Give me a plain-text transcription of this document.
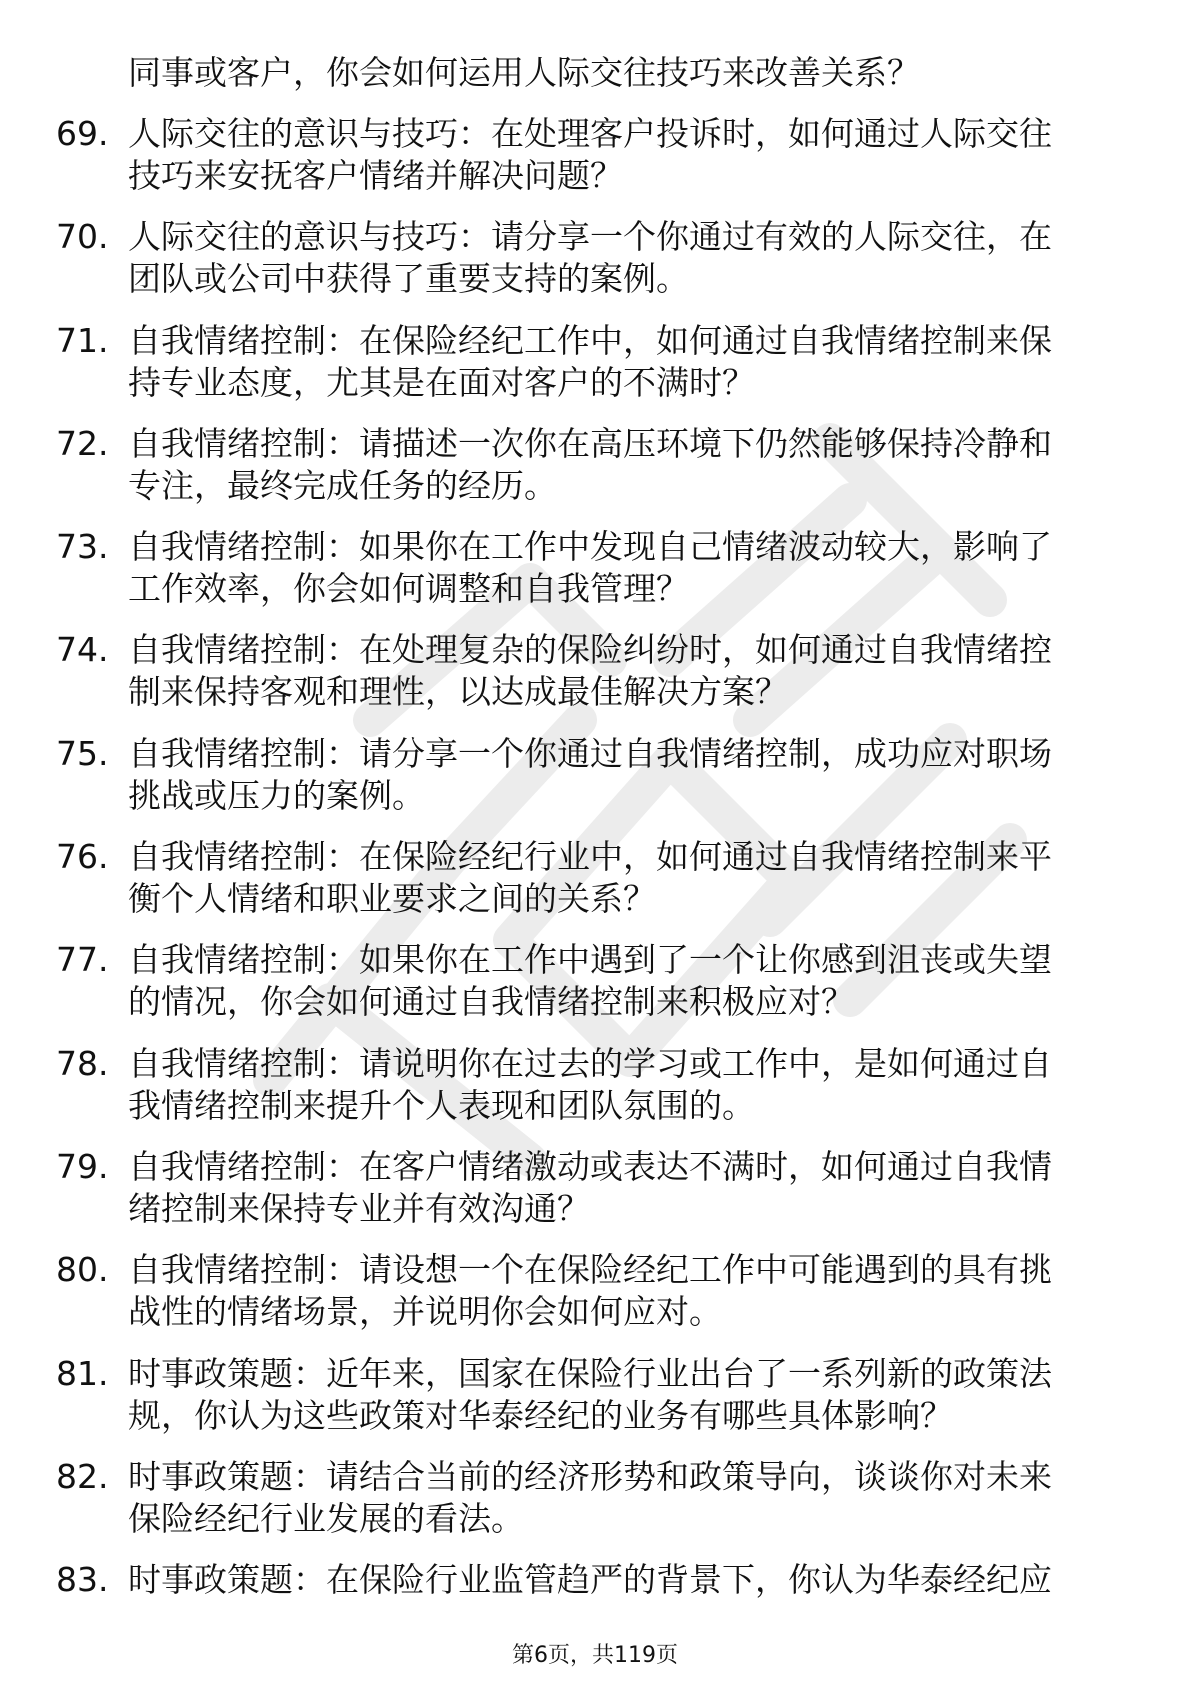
同事或客户，你会如何运用人际交往技巧来改善关系？
69. 人际交往的意识与技巧：在处理客户投诉时，如何通过人际交往
技巧来安抚客户情绪并解决问题？
70. 人际交往的意识与技巧：请分享一个你通过有效的人际交往，在
团队或公司中获得了重要支持的案例。
71. 自我情绪控制：在保险经纪工作中，如何通过自我情绪控制来保
持专业态度，尤其是在面对客户的不满时？
72. 自我情绪控制：请描述一次你在高压环境下仍然能够保持冷静和
专注，最终完成任务的经历。
73. 自我情绪控制：如果你在工作中发现自己情绪波动较大，影响了
工作效率，你会如何调整和自我管理？
74. 自我情绪控制：在处理复杂的保险纠纷时，如何通过自我情绪控
制来保持客观和理性，以达成最佳解决方案？
75. 自我情绪控制：请分享一个你通过自我情绪控制，成功应对职场
挑战或压力的案例。
76. 自我情绪控制：在保险经纪行业中，如何通过自我情绪控制来平
衡个人情绪和职业要求之间的关系？
77. 自我情绪控制：如果你在工作中遇到了一个让你感到沮丧或失望
的情况，你会如何通过自我情绪控制来积极应对？
78. 自我情绪控制：请说明你在过去的学习或工作中，是如何通过自
我情绪控制来提升个人表现和团队氛围的。
79. 自我情绪控制：在客户情绪激动或表达不满时，如何通过自我情
绪控制来保持专业并有效沟通？
80. 自我情绪控制：请设想一个在保险经纪工作中可能遇到的具有挑
战性的情绪场景，并说明你会如何应对。
81. 时事政策题：近年来，国家在保险行业出台了一系列新的政策法
规，你认为这些政策对华泰经纪的业务有哪些具体影响？
82. 时事政策题：请结合当前的经济形势和政策导向，谈谈你对未来
保险经纪行业发展的看法。
83. 时事政策题：在保险行业监管趋严的背景下，你认为华泰经纪应
第6页，共119页
